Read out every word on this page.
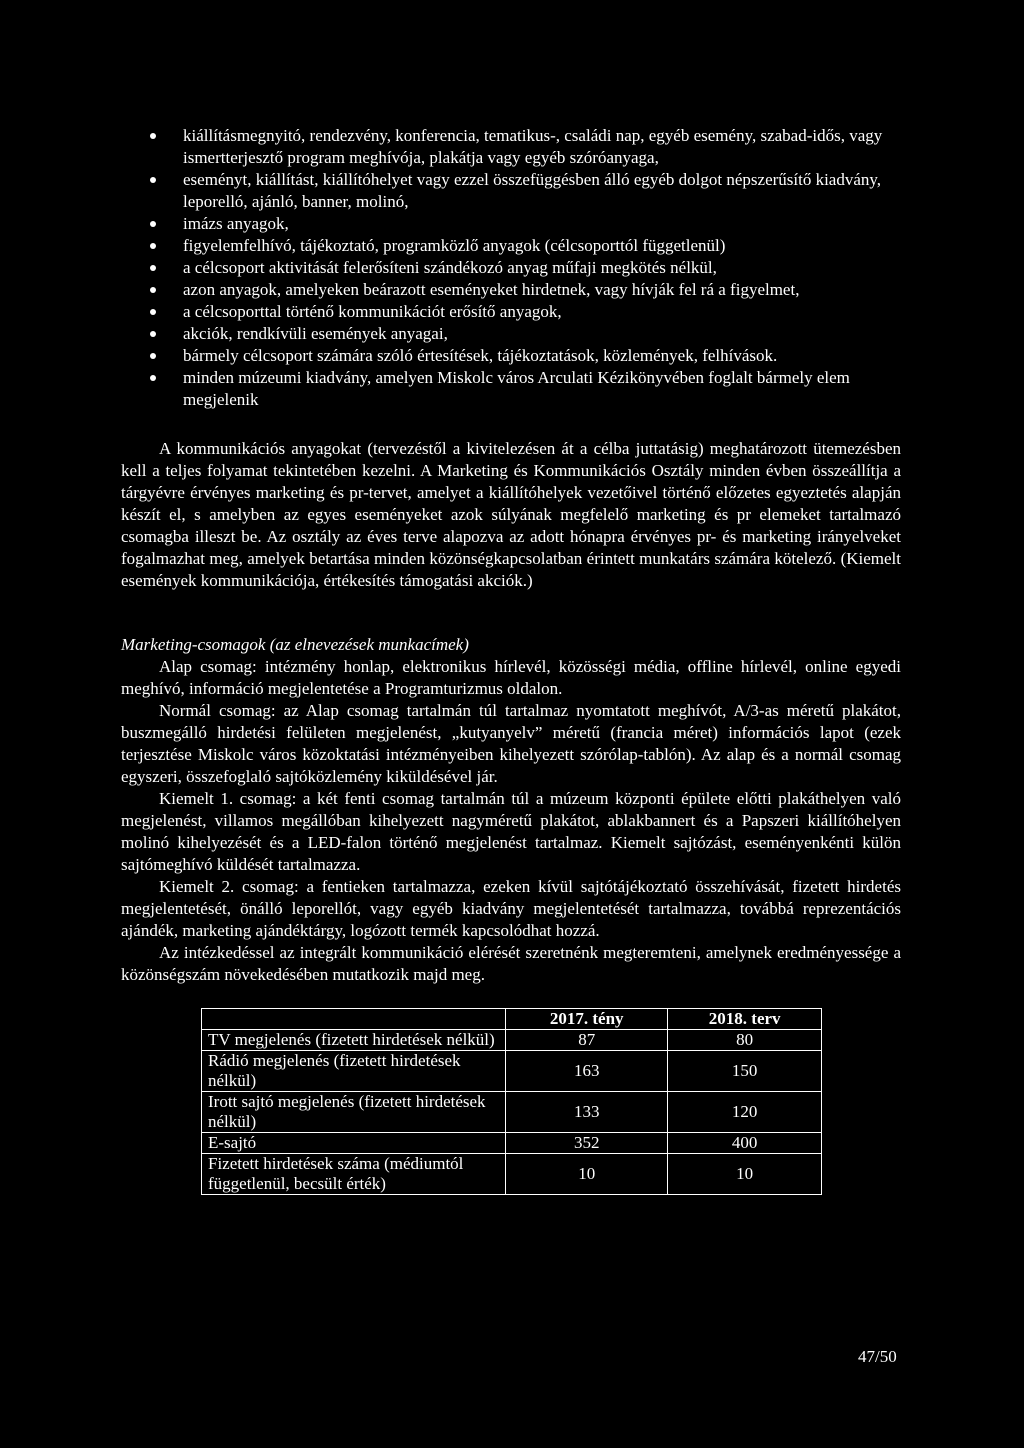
kiállításmegnyitó, rendezvény, konferencia, tematikus-, családi nap, egyéb esemény, szabad-idős, vagy ismertterjesztő program meghívója, plakátja vagy egyéb szóróanyaga,
eseményt, kiállítást, kiállítóhelyet vagy ezzel összefüggésben álló egyéb dolgot népszerűsítő kiadvány, leporelló, ajánló, banner, molinó,
imázs anyagok,
figyelemfelhívó, tájékoztató, programközlő anyagok (célcsoporttól függetlenül)
a célcsoport aktivitását felerősíteni szándékozó anyag műfaji megkötés nélkül,
azon anyagok, amelyeken beárazott eseményeket hirdetnek, vagy hívják fel rá a figyelmet,
a célcsoporttal történő kommunikációt erősítő anyagok,
akciók, rendkívüli események anyagai,
bármely célcsoport számára szóló értesítések, tájékoztatások, közlemények, felhívások.
minden múzeumi kiadvány, amelyen Miskolc város Arculati Kézikönyvében foglalt bármely elem megjelenik

A kommunikációs anyagokat (tervezéstől a kivitelezésen át a célba juttatásig) meghatározott ütemezésben kell a teljes folyamat tekintetében kezelni. A Marketing és Kommunikációs Osztály minden évben összeállítja a tárgyévre érvényes marketing és pr-tervet, amelyet a kiállítóhelyek vezetőivel történő előzetes egyeztetés alapján készít el, s amelyben az egyes eseményeket azok súlyának megfelelő marketing és pr elemeket tartalmazó csomagba illeszt be. Az osztály az éves terve alapozva az adott hónapra érvényes pr- és marketing irányelveket fogalmazhat meg, amelyek betartása minden közönségkapcsolatban érintett munkatárs számára kötelező. (Kiemelt események kommunikációja, értékesítés támogatási akciók.)

Marketing-csomagok (az elnevezések munkacímek)

Alap csomag: intézmény honlap, elektronikus hírlevél, közösségi média, offline hírlevél, online egyedi meghívó, információ megjelentetése a Programturizmus oldalon.

Normál csomag: az Alap csomag tartalmán túl tartalmaz nyomtatott meghívót, A/3-as méretű plakátot, buszmegálló hirdetési felületen megjelenést, „kutyanyelv” méretű (francia méret) információs lapot (ezek terjesztése Miskolc város közoktatási intézményeiben kihelyezett szórólap-tablón). Az alap és a normál csomag egyszeri, összefoglaló sajtóközlemény kiküldésével jár.

Kiemelt 1. csomag: a két fenti csomag tartalmán túl a múzeum központi épülete előtti plakáthelyen való megjelenést, villamos megállóban kihelyezett nagyméretű plakátot, ablakbannert és a Papszeri kiállítóhelyen molinó kihelyezését és a LED-falon történő megjelenést tartalmaz. Kiemelt sajtózást, eseményenkénti külön sajtómeghívó küldését tartalmazza.

Kiemelt 2. csomag: a fentieken tartalmazza, ezeken kívül sajtótájékoztató összehívását, fizetett hirdetés megjelentetését, önálló leporellót, vagy egyéb kiadvány megjelentetését tartalmazza, továbbá reprezentációs ajándék, marketing ajándéktárgy, logózott termék kapcsolódhat hozzá.

Az intézkedéssel az integrált kommunikáció elérését szeretnénk megteremteni, amelynek eredményessége a közönségszám növekedésében mutatkozik majd meg.

	2017. tény	2018. terv
TV megjelenés (fizetett hirdetések nélkül)	87	80
Rádió megjelenés (fizetett hirdetések nélkül)	163	150
Irott sajtó megjelenés (fizetett hirdetések nélkül)	133	120
E-sajtó	352	400
Fizetett hirdetések száma (médiumtól függetlenül, becsült érték)	10	10
47/50
